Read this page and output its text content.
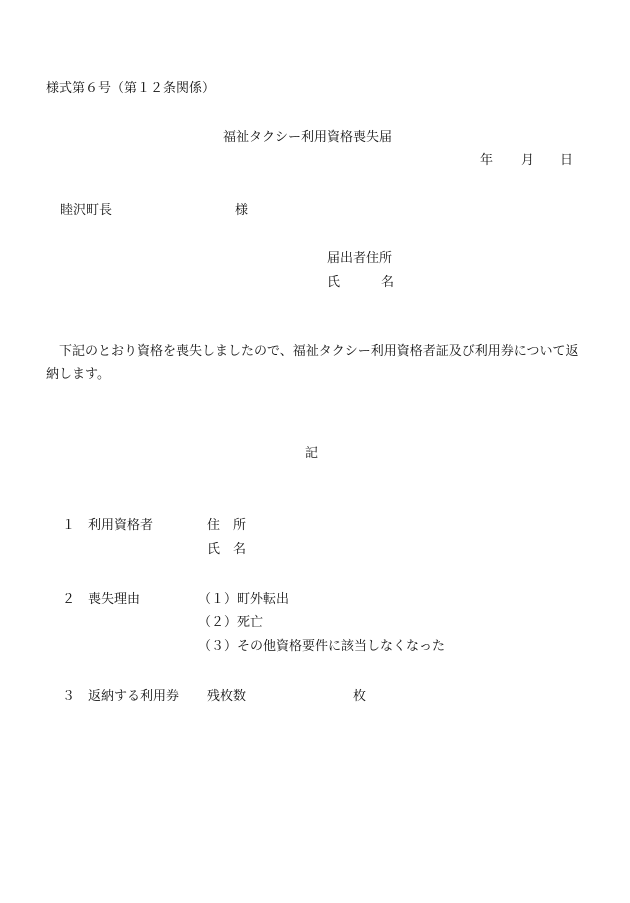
様式第６号（第１２条関係）
福祉タクシー利用資格喪失届
年 月 日
睦沢町長	様
届出者住所
氏	名

下記のとおり資格を喪失しましたので、福祉タクシー利用資格者証及び利用券について返納します。

記
１ 利用資格者	住 所
氏 名
２ 喪失理由	（１）町外転出
（２）死亡
（３）その他資格要件に該当しなくなった
３ 返納する利用券 残枚数	枚
